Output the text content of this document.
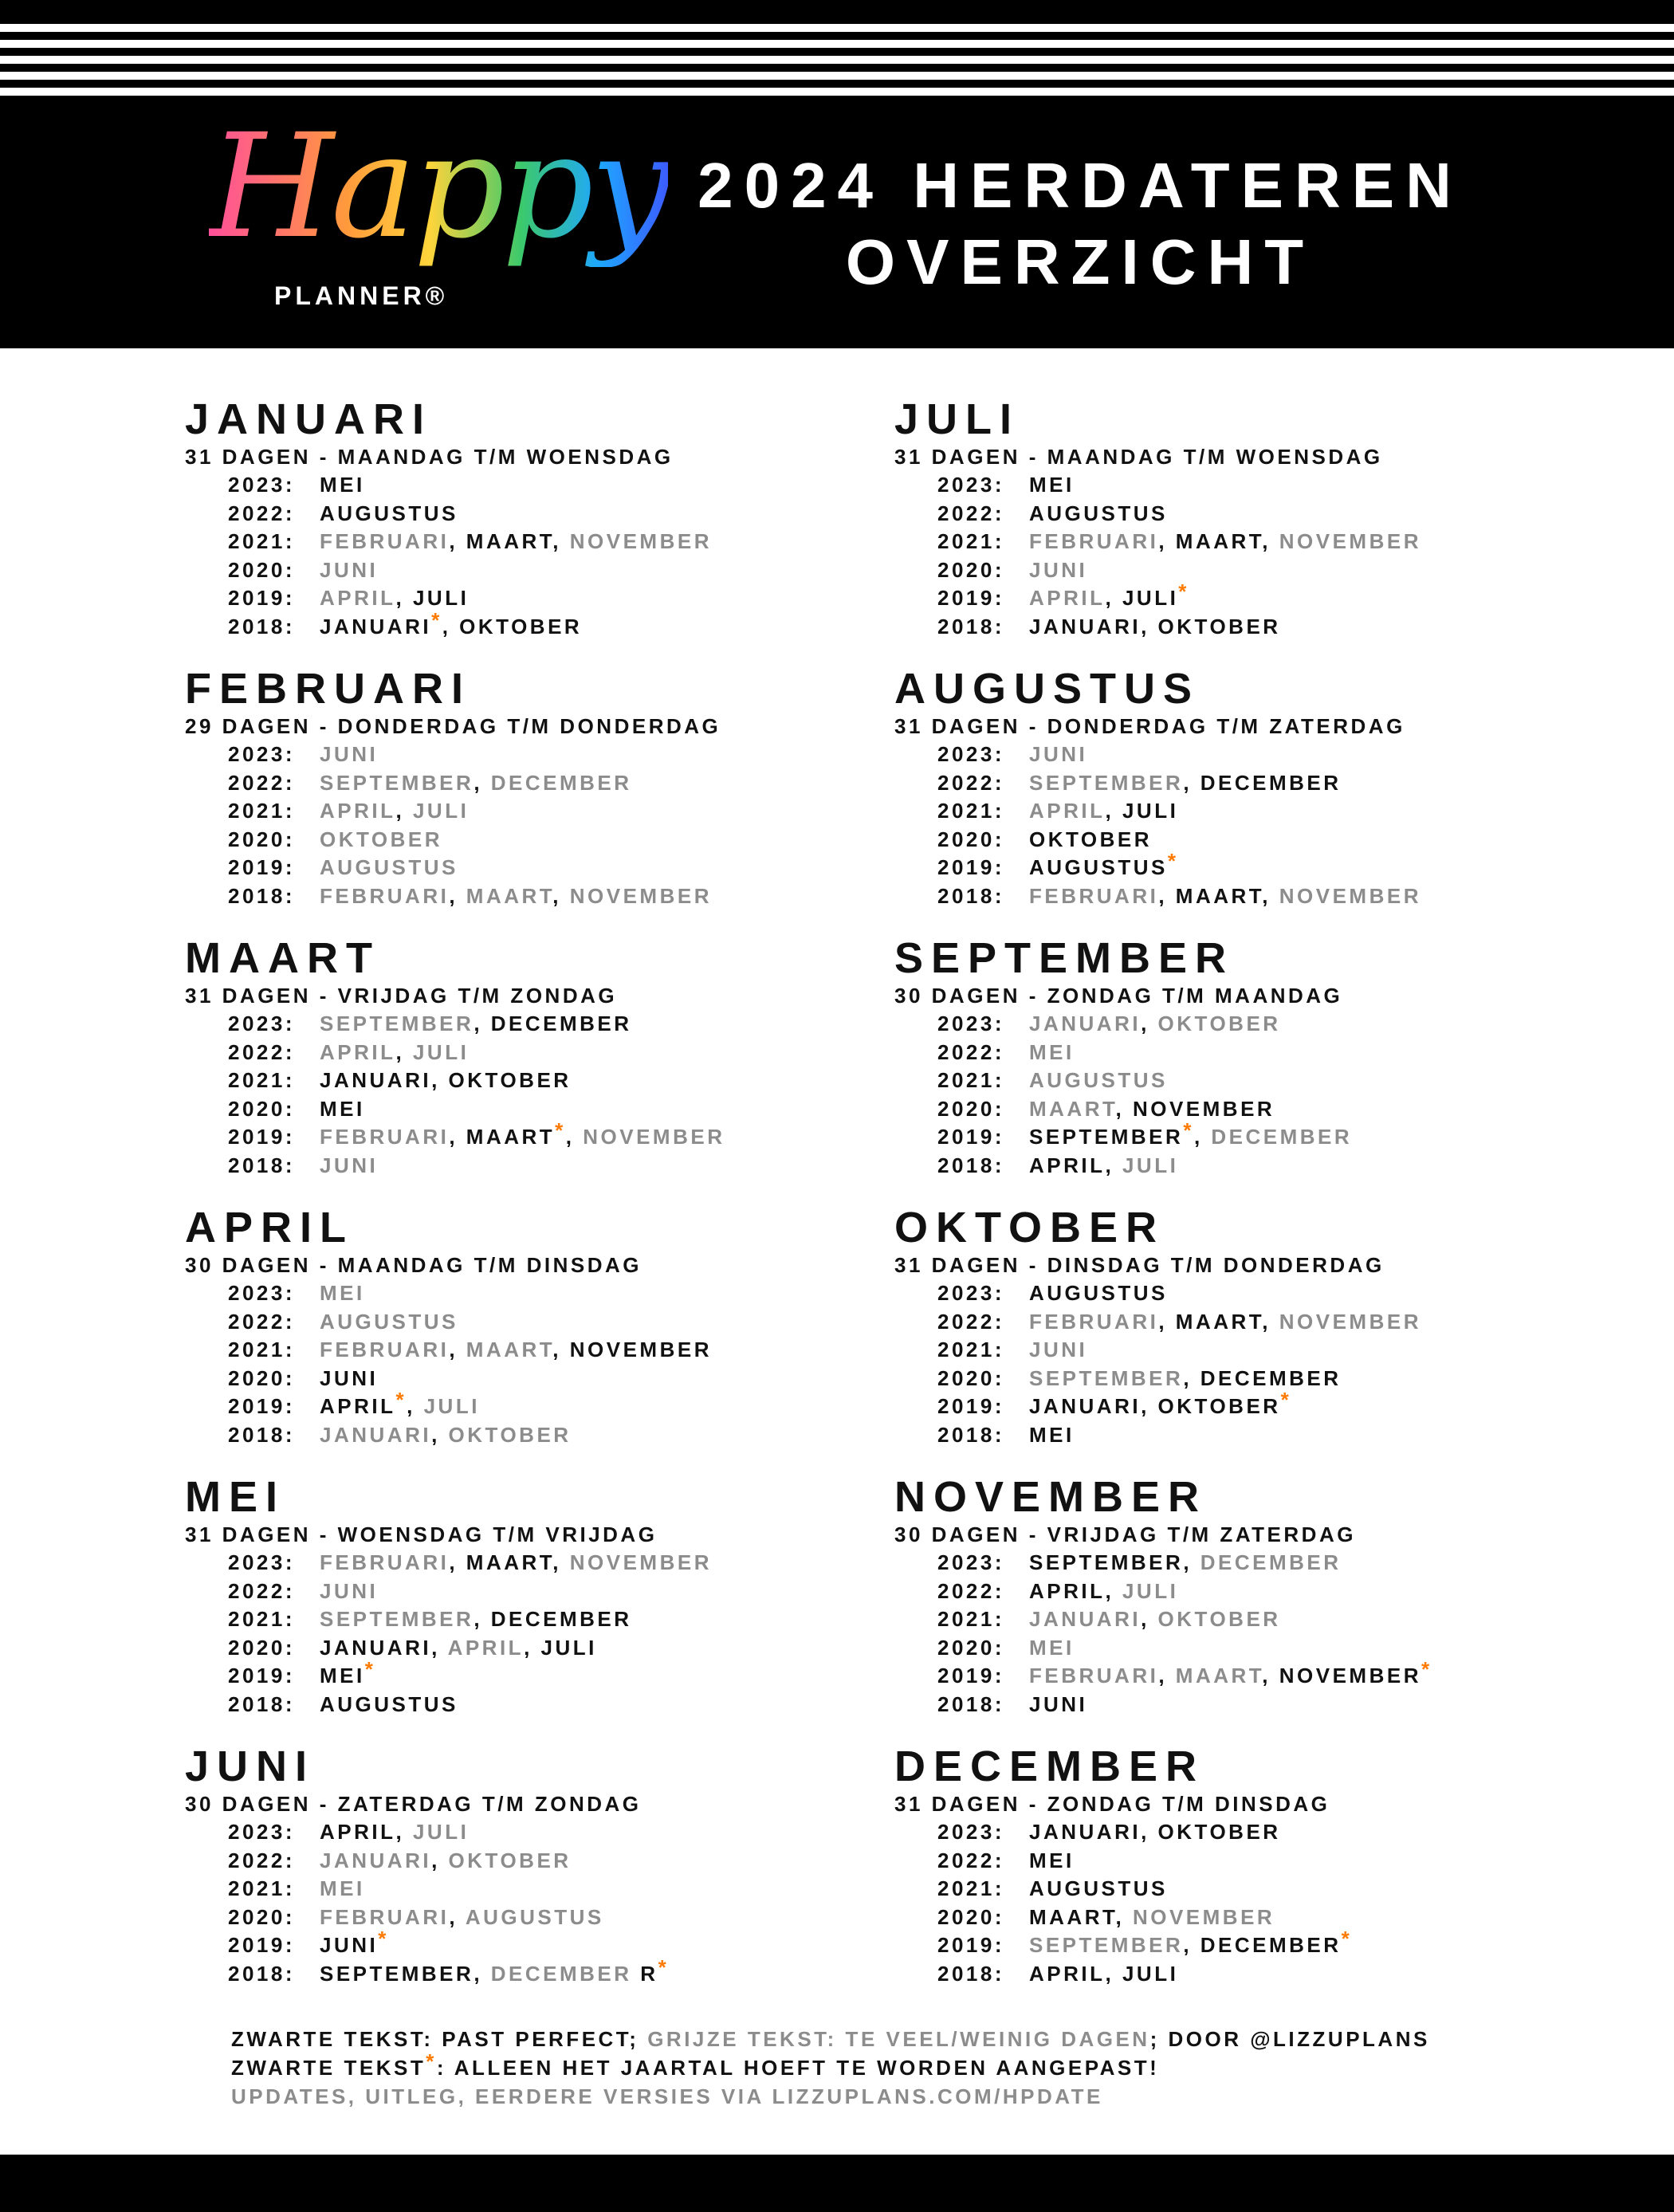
Happy
PLANNER®
2024 HERDATEREN
OVERZICHT
JANUARI
31 DAGEN - MAANDAG T/M WOENSDAG
2023: MEI
2022: AUGUSTUS
2021: FEBRUARI, MAART, NOVEMBER
2020: JUNI
2019: APRIL, JULI
2018: JANUARI*, OKTOBER
FEBRUARI
29 DAGEN - DONDERDAG T/M DONDERDAG
2023: JUNI
2022: SEPTEMBER, DECEMBER
2021: APRIL, JULI
2020: OKTOBER
2019: AUGUSTUS
2018: FEBRUARI, MAART, NOVEMBER
MAART
31 DAGEN - VRIJDAG T/M ZONDAG
2023: SEPTEMBER, DECEMBER
2022: APRIL, JULI
2021: JANUARI, OKTOBER
2020: MEI
2019: FEBRUARI, MAART*, NOVEMBER
2018: JUNI
APRIL
30 DAGEN - MAANDAG T/M DINSDAG
2023: MEI
2022: AUGUSTUS
2021: FEBRUARI, MAART, NOVEMBER
2020: JUNI
2019: APRIL*, JULI
2018: JANUARI, OKTOBER
MEI
31 DAGEN - WOENSDAG T/M VRIJDAG
2023: FEBRUARI, MAART, NOVEMBER
2022: JUNI
2021: SEPTEMBER, DECEMBER
2020: JANUARI, APRIL, JULI
2019: MEI*
2018: AUGUSTUS
JUNI
30 DAGEN - ZATERDAG T/M ZONDAG
2023: APRIL, JULI
2022: JANUARI, OKTOBER
2021: MEI
2020: FEBRUARI, AUGUSTUS
2019: JUNI*
2018: SEPTEMBER, DECEMBER R*
JULI
31 DAGEN - MAANDAG T/M WOENSDAG
2023: MEI
2022: AUGUSTUS
2021: FEBRUARI, MAART, NOVEMBER
2020: JUNI
2019: APRIL, JULI*
2018: JANUARI, OKTOBER
AUGUSTUS
31 DAGEN - DONDERDAG T/M ZATERDAG
2023: JUNI
2022: SEPTEMBER, DECEMBER
2021: APRIL, JULI
2020: OKTOBER
2019: AUGUSTUS*
2018: FEBRUARI, MAART, NOVEMBER
SEPTEMBER
30 DAGEN - ZONDAG T/M MAANDAG
2023: JANUARI, OKTOBER
2022: MEI
2021: AUGUSTUS
2020: MAART, NOVEMBER
2019: SEPTEMBER*, DECEMBER
2018: APRIL, JULI
OKTOBER
31 DAGEN - DINSDAG T/M DONDERDAG
2023: AUGUSTUS
2022: FEBRUARI, MAART, NOVEMBER
2021: JUNI
2020: SEPTEMBER, DECEMBER
2019: JANUARI, OKTOBER*
2018: MEI
NOVEMBER
30 DAGEN - VRIJDAG T/M ZATERDAG
2023: SEPTEMBER, DECEMBER
2022: APRIL, JULI
2021: JANUARI, OKTOBER
2020: MEI
2019: FEBRUARI, MAART, NOVEMBER*
2018: JUNI
DECEMBER
31 DAGEN - ZONDAG T/M DINSDAG
2023: JANUARI, OKTOBER
2022: MEI
2021: AUGUSTUS
2020: MAART, NOVEMBER
2019: SEPTEMBER, DECEMBER*
2018: APRIL, JULI
ZWARTE TEKST: PAST PERFECT; GRIJZE TEKST: TE VEEL/WEINIG DAGEN; DOOR @LIZZUPLANS
ZWARTE TEKST*: ALLEEN HET JAARTAL HOEFT TE WORDEN AANGEPAST!
UPDATES, UITLEG, EERDERE VERSIES VIA LIZZUPLANS.COM/HPDATE
